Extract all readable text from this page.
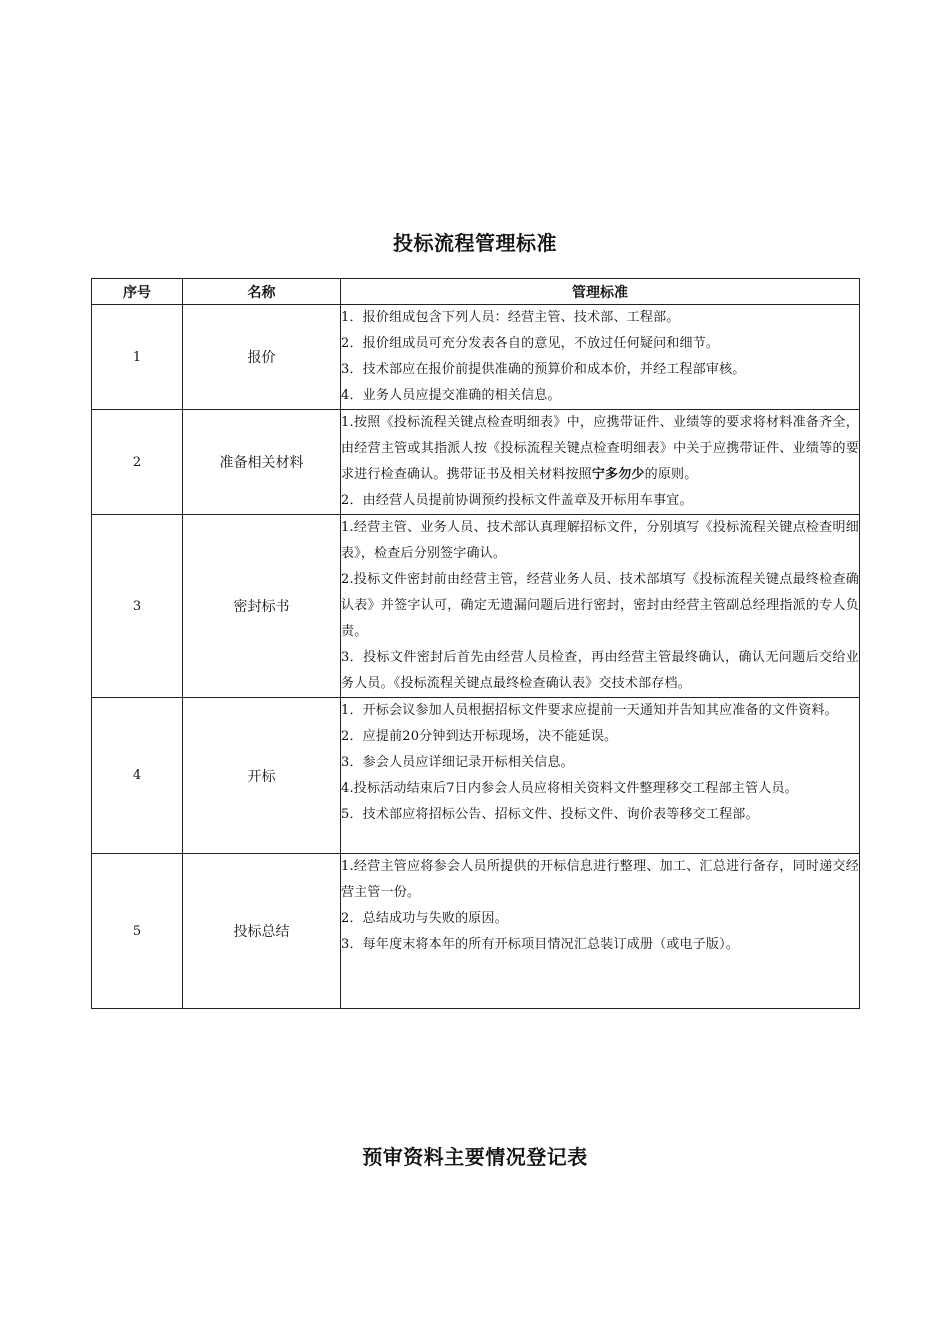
投标流程管理标准
序号	名称	管理标准
1	报价	1．报价组成包含下列人员：经营主管、技术部、工程部。

2．报价组成员可充分发表各自的意见，不放过任何疑问和细节。

3．技术部应在报价前提供准确的预算价和成本价，并经工程部审核。

4．业务人员应提交准确的相关信息。

2	准备相关材料	1.按照《投标流程关键点检查明细表》中，应携带证件、业绩等的要求将材料准备齐全，由经营主管或其指派人按《投标流程关键点检查明细表》中关于应携带证件、业绩等的要求进行检查确认。携带证书及相关材料按照宁多勿少的原则。

2．由经营人员提前协调预约投标文件盖章及开标用车事宜。

3	密封标书	1.经营主管、业务人员、技术部认真理解招标文件，分别填写《投标流程关键点检查明细表》，检查后分别签字确认。

2.投标文件密封前由经营主管，经营业务人员、技术部填写《投标流程关键点最终检查确认表》并签字认可，确定无遗漏问题后进行密封，密封由经营主管副总经理指派的专人负责。

3．投标文件密封后首先由经营人员检查，再由经营主管最终确认，确认无问题后交给业务人员。《投标流程关键点最终检查确认表》交技术部存档。

4	开标	1．开标会议参加人员根据招标文件要求应提前一天通知并告知其应准备的文件资料。

2．应提前20分钟到达开标现场，决不能延误。

3．参会人员应详细记录开标相关信息。

4.投标活动结束后7日内参会人员应将相关资料文件整理移交工程部主管人员。

5．技术部应将招标公告、招标文件、投标文件、询价表等移交工程部。

5	投标总结	1.经营主管应将参会人员所提供的开标信息进行整理、加工、汇总进行备存，同时递交经营主管一份。

2．总结成功与失败的原因。

3．每年度末将本年的所有开标项目情况汇总装订成册（或电子版）。

预审资料主要情况登记表
